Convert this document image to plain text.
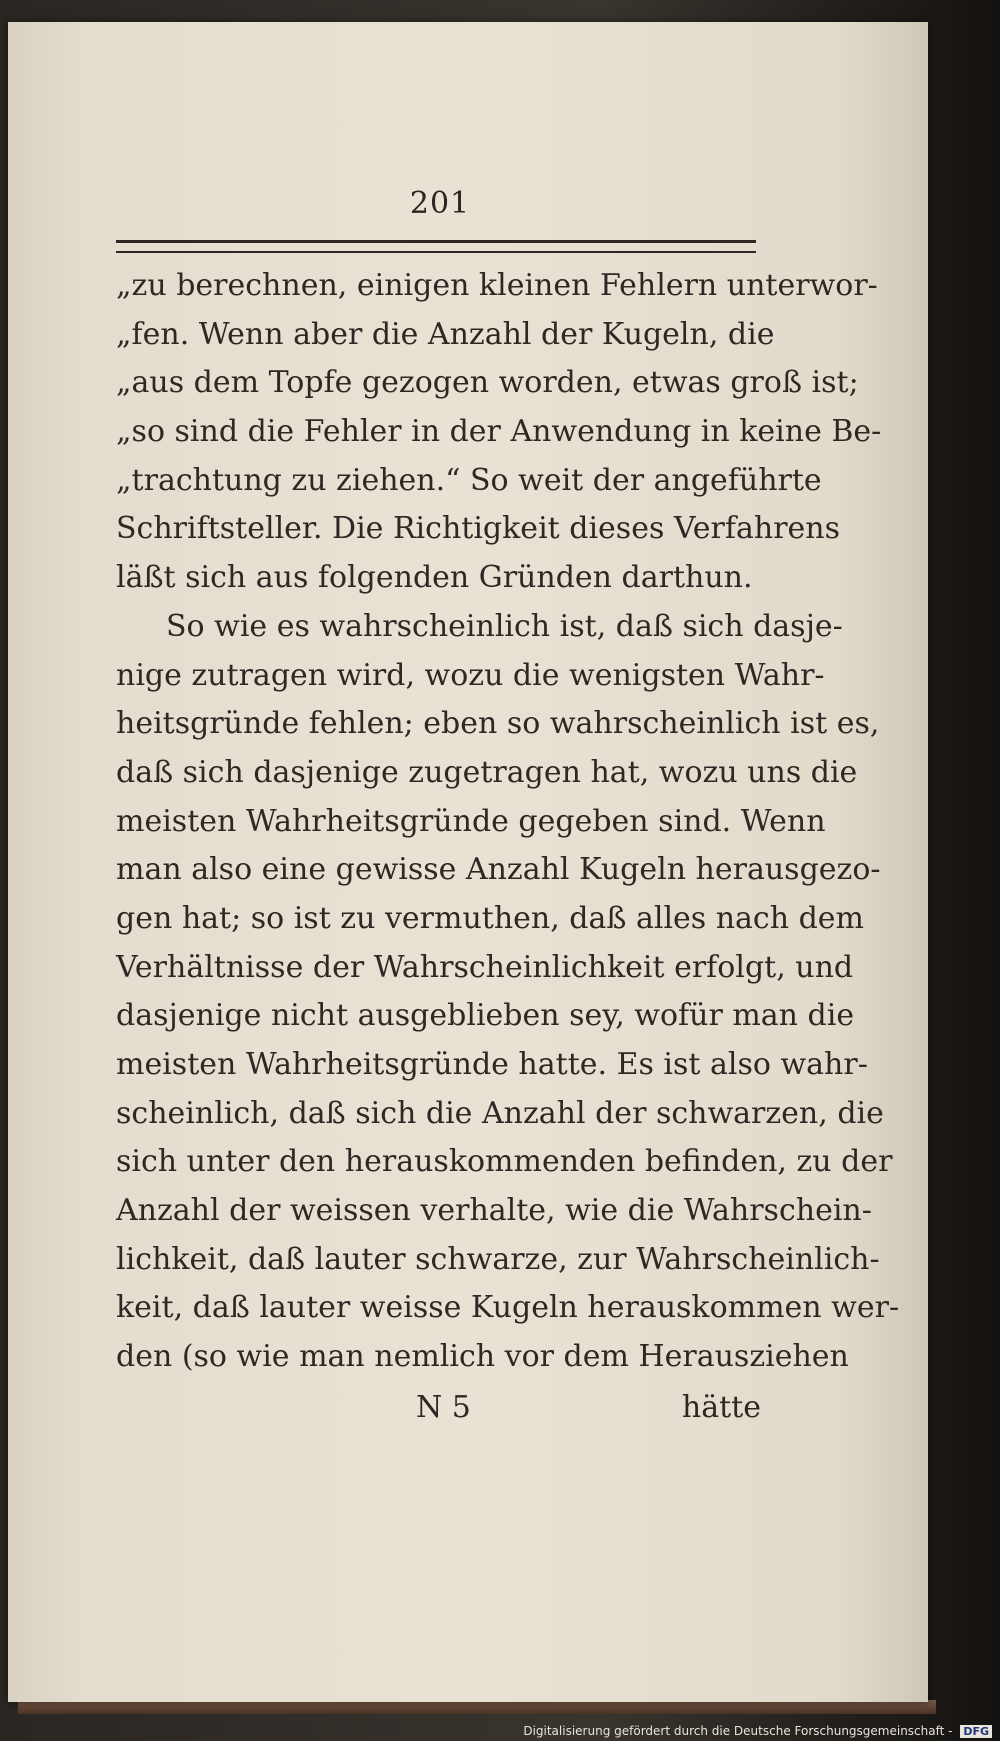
201
„zu berechnen, einigen kleinen Fehlern unterwor-
„fen. Wenn aber die Anzahl der Kugeln, die
„aus dem Topfe gezogen worden, etwas groß ist;
„so sind die Fehler in der Anwendung in keine Be-
„trachtung zu ziehen.“ So weit der angeführte
Schriftsteller. Die Richtigkeit dieses Verfahrens
läßt sich aus folgenden Gründen darthun.
So wie es wahrscheinlich ist, daß sich dasje-
nige zutragen wird, wozu die wenigsten Wahr-
heitsgründe fehlen; eben so wahrscheinlich ist es,
daß sich dasjenige zugetragen hat, wozu uns die
meisten Wahrheitsgründe gegeben sind. Wenn
man also eine gewisse Anzahl Kugeln herausgezo-
gen hat; so ist zu vermuthen, daß alles nach dem
Verhältnisse der Wahrscheinlichkeit erfolgt, und
dasjenige nicht ausgeblieben sey, wofür man die
meisten Wahrheitsgründe hatte. Es ist also wahr-
scheinlich, daß sich die Anzahl der schwarzen, die
sich unter den herauskommenden befinden, zu der
Anzahl der weissen verhalte, wie die Wahrschein-
lichkeit, daß lauter schwarze, zur Wahrscheinlich-
keit, daß lauter weisse Kugeln herauskommen wer-
den (so wie man nemlich vor dem Herausziehen
N 5	hätte
Digitalisierung gefördert durch die Deutsche Forschungsgemeinschaft - DFG
